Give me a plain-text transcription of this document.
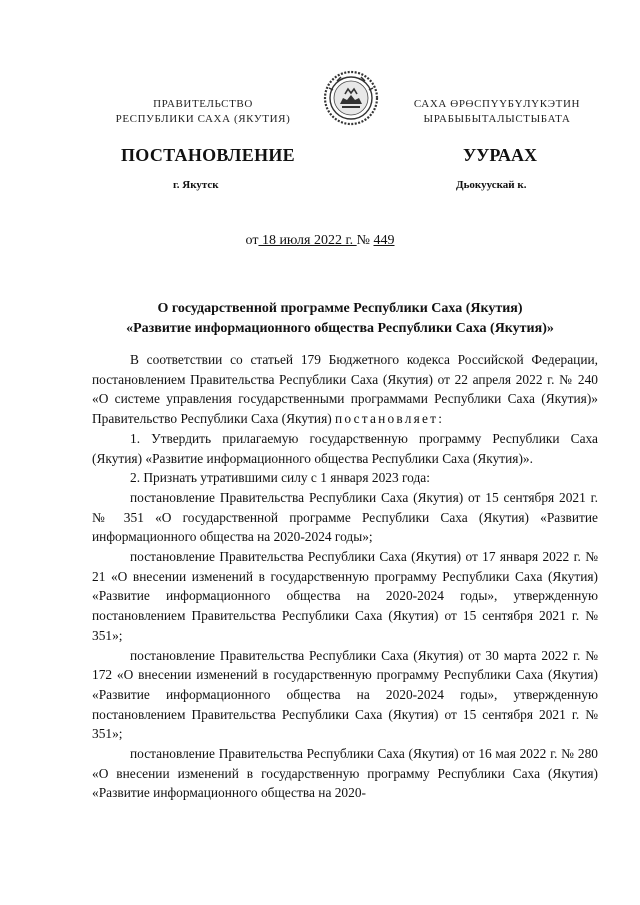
ПРАВИТЕЛЬСТВО
РЕСПУБЛИКИ САХА (ЯКУТИЯ)
САХА ӨРӨСПҮҮБҮЛҮКЭТИН
ЫРАБЫБЫТАЛЫСТЫБАТА
ПОСТАНОВЛЕНИЕ	УУРААХ
г. Якутск	Дьокуускай к.
от 18 июля 2022 г. № 449
О государственной программе Республики Саха (Якутия)
«Развитие информационного общества Республики Саха (Якутия)»

В соответствии со статьей 179 Бюджетного кодекса Российской Федерации, постановлением Правительства Республики Саха (Якутия) от 22 апреля 2022 г. № 240 «О системе управления государственными программами Республики Саха (Якутия)» Правительство Республики Саха (Якутия) постановляет:

1. Утвердить прилагаемую государственную программу Республики Саха (Якутия) «Развитие информационного общества Республики Саха (Якутия)».

2. Признать утратившими силу с 1 января 2023 года:

постановление Правительства Республики Саха (Якутия) от 15 сентября 2021 г. № 351 «О государственной программе Республики Саха (Якутия) «Развитие информационного общества на 2020-2024 годы»;

постановление Правительства Республики Саха (Якутия) от 17 января 2022 г. № 21 «О внесении изменений в государственную программу Республики Саха (Якутия) «Развитие информационного общества на 2020-2024 годы», утвержденную постановлением Правительства Республики Саха (Якутия) от 15 сентября 2021 г. № 351»;

постановление Правительства Республики Саха (Якутия) от 30 марта 2022 г. № 172 «О внесении изменений в государственную программу Республики Саха (Якутия) «Развитие информационного общества на 2020-2024 годы», утвержденную постановлением Правительства Республики Саха (Якутия) от 15 сентября 2021 г. № 351»;

постановление Правительства Республики Саха (Якутия) от 16 мая 2022 г. № 280 «О внесении изменений в государственную программу Республики Саха (Якутия) «Развитие информационного общества на 2020-
